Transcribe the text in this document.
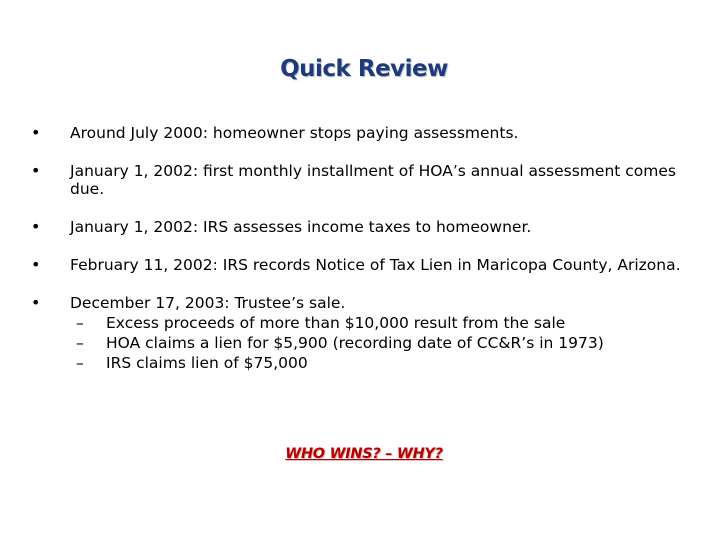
Quick Review
• Around July 2000: homeowner stops paying assessments.
• January 1, 2002: first monthly installment of HOA’s annual assessment comes due.
• January 1, 2002: IRS assesses income taxes to homeowner.
• February 11, 2002: IRS records Notice of Tax Lien in Maricopa County, Arizona.
• December 17, 2003: Trustee’s sale.
– Excess proceeds of more than $10,000 result from the sale
– HOA claims a lien for $5,900 (recording date of CC&R’s in 1973)
– IRS claims lien of $75,000
WHO WINS? – WHY?
